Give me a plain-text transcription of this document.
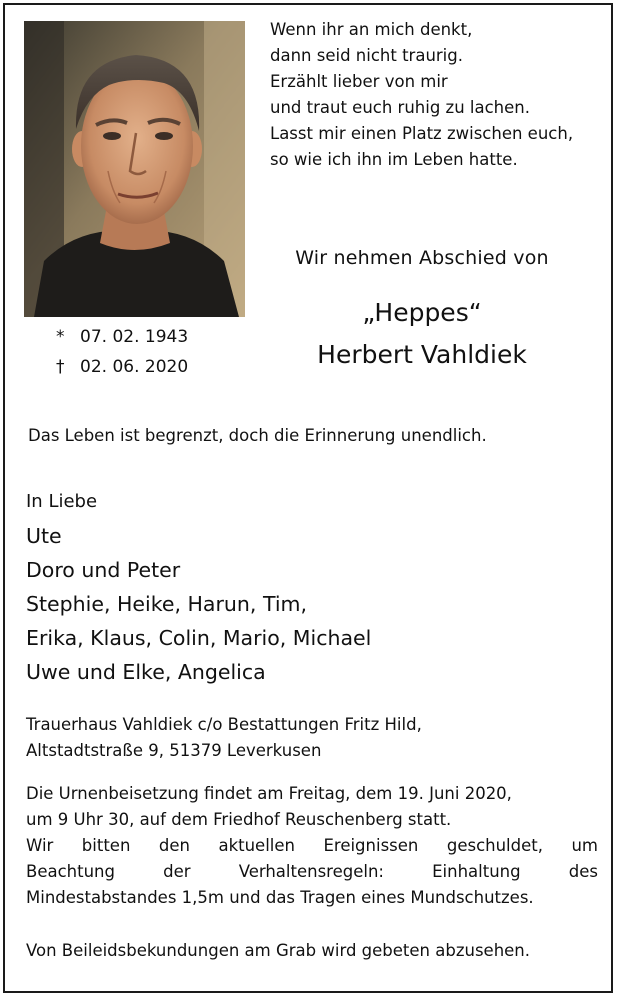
Wenn ihr an mich denkt,
dann seid nicht traurig.
Erzählt lieber von mir
und traut euch ruhig zu lachen.
Lasst mir einen Platz zwischen euch,
so wie ich ihn im Leben hatte.
Wir nehmen Abschied von
„Heppes“
Herbert Vahldiek
* 07. 02. 1943
† 02. 06. 2020
Das Leben ist begrenzt, doch die Erinnerung unendlich.
In Liebe
Ute
Doro und Peter
Stephie, Heike, Harun, Tim,
Erika, Klaus, Colin, Mario, Michael
Uwe und Elke, Angelica
Trauerhaus Vahldiek c/o Bestattungen Fritz Hild,
Altstadtstraße 9, 51379 Leverkusen
Die Urnenbeisetzung findet am Freitag, dem 19. Juni 2020,
um 9 Uhr 30, auf dem Friedhof Reuschenberg statt.
Wir bitten den aktuellen Ereignissen geschuldet, um
Beachtung der Verhaltensregeln: Einhaltung des
Mindestabstandes 1,5m und das Tragen eines Mundschutzes.
Von Beileidsbekundungen am Grab wird gebeten abzusehen.
